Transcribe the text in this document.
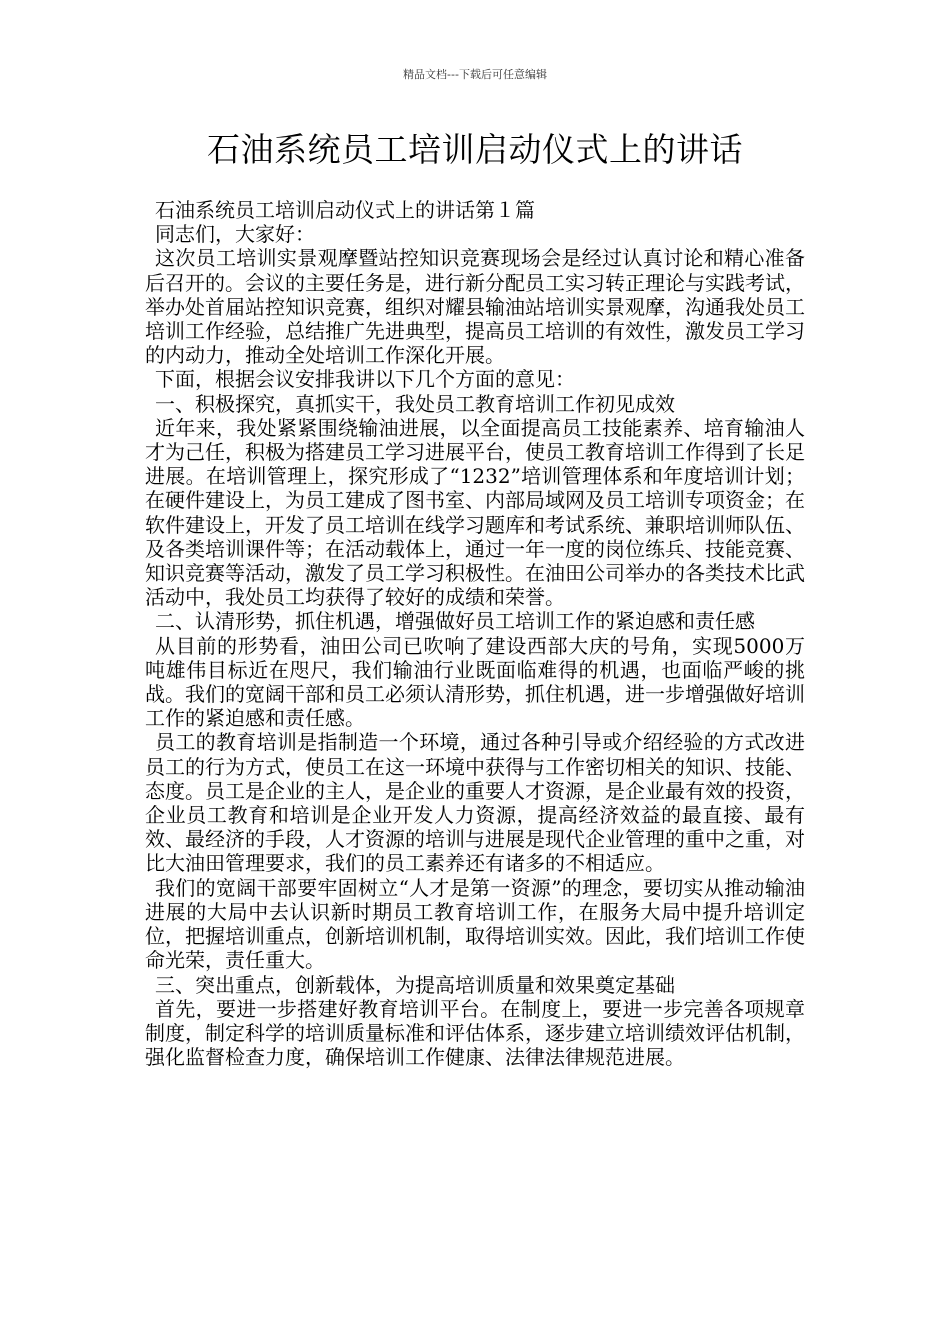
精品文档---下载后可任意编辑
石油系统员工培训启动仪式上的讲话

石油系统员工培训启动仪式上的讲话第１篇

同志们，大家好：

这次员工培训实景观摩暨站控知识竞赛现场会是经过认真讨论和精心准备后召开的。会议的主要任务是，进行新分配员工实习转正理论与实践考试，举办处首届站控知识竞赛，组织对耀县输油站培训实景观摩，沟通我处员工培训工作经验，总结推广先进典型，提高员工培训的有效性，激发员工学习的内动力，推动全处培训工作深化开展。

下面，根据会议安排我讲以下几个方面的意见：

一、积极探究，真抓实干，我处员工教育培训工作初见成效

近年来，我处紧紧围绕输油进展，以全面提高员工技能素养、培育输油人才为己任，积极为搭建员工学习进展平台，使员工教育培训工作得到了长足进展。在培训管理上，探究形成了“1232”培训管理体系和年度培训计划；在硬件建设上，为员工建成了图书室、内部局域网及员工培训专项资金；在软件建设上，开发了员工培训在线学习题库和考试系统、兼职培训师队伍、及各类培训课件等；在活动载体上，通过一年一度的岗位练兵、技能竞赛、知识竞赛等活动，激发了员工学习积极性。在油田公司举办的各类技术比武活动中，我处员工均获得了较好的成绩和荣誉。

二、认清形势，抓住机遇，增强做好员工培训工作的紧迫感和责任感

从目前的形势看，油田公司已吹响了建设西部大庆的号角，实现5000万吨雄伟目标近在咫尺，我们输油行业既面临难得的机遇，也面临严峻的挑战。我们的宽阔干部和员工必须认清形势，抓住机遇，进一步增强做好培训工作的紧迫感和责任感。

员工的教育培训是指制造一个环境，通过各种引导或介绍经验的方式改进员工的行为方式，使员工在这一环境中获得与工作密切相关的知识、技能、态度。员工是企业的主人，是企业的重要人才资源，是企业最有效的投资，企业员工教育和培训是企业开发人力资源，提高经济效益的最直接、最有效、最经济的手段，人才资源的培训与进展是现代企业管理的重中之重，对比大油田管理要求，我们的员工素养还有诸多的不相适应。

我们的宽阔干部要牢固树立“人才是第一资源”的理念，要切实从推动输油进展的大局中去认识新时期员工教育培训工作，在服务大局中提升培训定位，把握培训重点，创新培训机制，取得培训实效。因此，我们培训工作使命光荣，责任重大。

三、突出重点，创新载体，为提高培训质量和效果奠定基础

首先，要进一步搭建好教育培训平台。在制度上，要进一步完善各项规章制度，制定科学的培训质量标准和评估体系，逐步建立培训绩效评估机制，强化监督检查力度，确保培训工作健康、法律法律规范进展。
